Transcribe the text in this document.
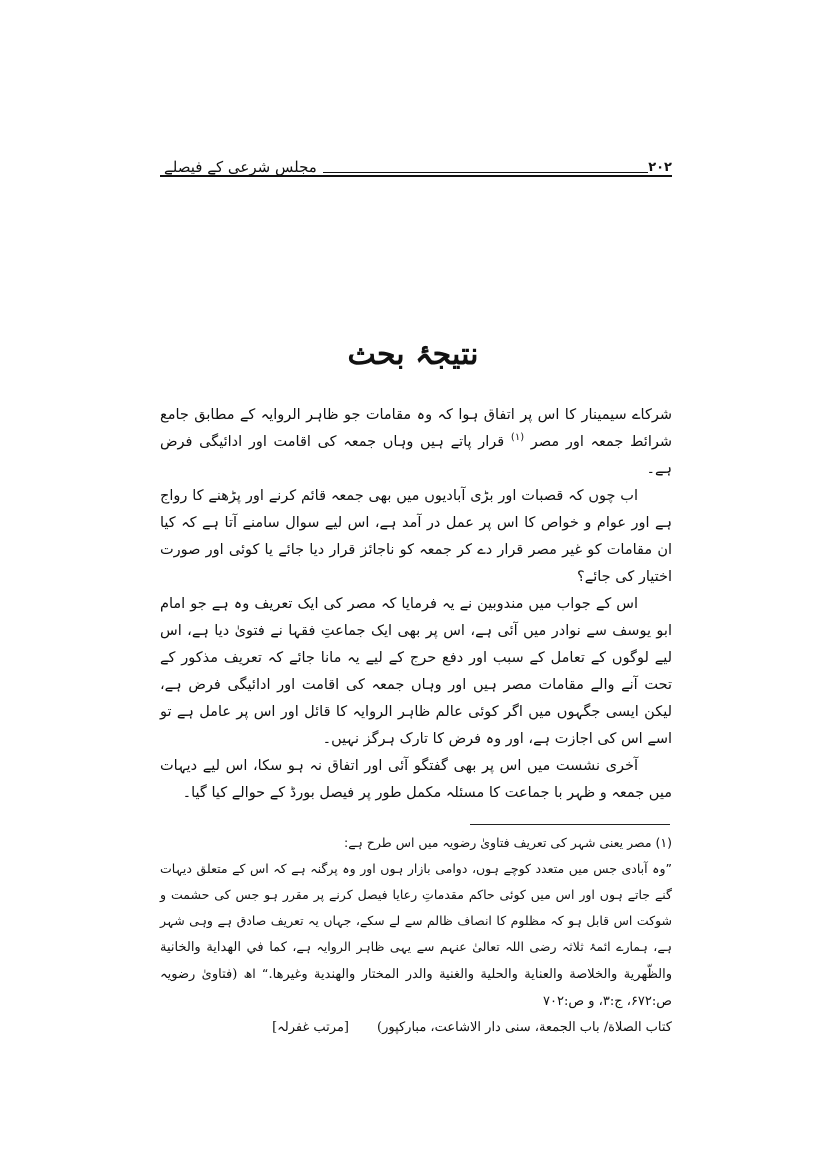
مجلس شرعی کے فیصلے	۲۰۲
نتیجۂ بحث

شرکاے سیمینار کا اس پر اتفاق ہوا کہ وہ مقامات جو ظاہر الروایہ کے مطابق جامع شرائط جمعہ اور مصر $^{(۱)}$ قرار پاتے ہیں وہاں جمعہ کی اقامت اور ادائیگی فرض ہے۔

اب چوں کہ قصبات اور بڑی آبادیوں میں بھی جمعہ قائم کرنے اور پڑھنے کا رواج ہے اور عوام و خواص کا اس پر عمل در آمد ہے، اس لیے سوال سامنے آتا ہے کہ کیا ان مقامات کو غیر مصر قرار دے کر جمعہ کو ناجائز قرار دیا جائے یا کوئی اور صورت اختیار کی جائے؟

اس کے جواب میں مندوبین نے یہ فرمایا کہ مصر کی ایک تعریف وہ ہے جو امام ابو یوسف سے نوادر میں آئی ہے، اس پر بھی ایک جماعتِ فقہا نے فتویٰ دیا ہے، اس لیے لوگوں کے تعامل کے سبب اور دفع حرج کے لیے یہ مانا جائے کہ تعریف مذکور کے تحت آنے والے مقامات مصر ہیں اور وہاں جمعہ کی اقامت اور ادائیگی فرض ہے، لیکن ایسی جگہوں میں اگر کوئی عالم ظاہر الروایہ کا قائل اور اس پر عامل ہے تو اسے اس کی اجازت ہے، اور وہ فرض کا تارک ہرگز نہیں۔

آخری نشست میں اس پر بھی گفتگو آئی اور اتفاق نہ ہو سکا، اس لیے دیہات میں جمعہ و ظہر با جماعت کا مسئلہ مکمل طور پر فیصل بورڈ کے حوالے کیا گیا۔

(۱) مصر یعنی شہر کی تعریف فتاویٰ رضویہ میں اس طرح ہے:

”وہ آبادی جس میں متعدد کوچے ہوں، دوامی بازار ہوں اور وہ پرگنہ ہے کہ اس کے متعلق دیہات گنے جاتے ہوں اور اس میں کوئی حاکم مقدماتِ رعایا فیصل کرنے پر مقرر ہو جس کی حشمت و شوکت اس قابل ہو کہ مظلوم کا انصاف ظالم سے لے سکے، جہاں یہ تعریف صادق ہے وہی شہر ہے، ہمارے ائمۂ ثلاثہ رضی اللہ تعالیٰ عنہم سے یہی ظاہر الروایہ ہے، كما في الهداية والخانية والظّهرية والخلاصة والعناية والحلية والغنية والدر المختار والهندية وغيرها.“ اھ (فتاویٰ رضویہ ص:۶۷۲، ج:۳، و ص:۷۰۲

كتاب الصلاة/ باب الجمعة، سنی دار الاشاعت، مبارکپور)
[مرتب غفرلہ]
